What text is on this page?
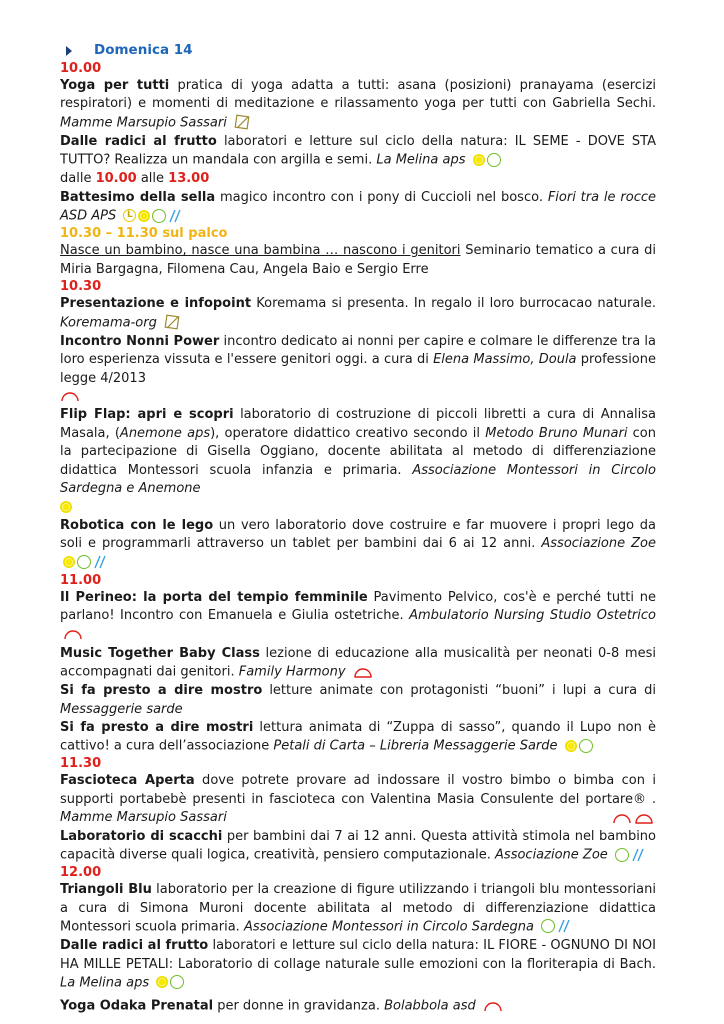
Domenica 14
10.00
Yoga per tutti pratica di yoga adatta a tutti: asana (posizioni) pranayama (esercizi respiratori) e momenti di meditazione e rilassamento yoga per tutti con Gabriella Sechi. Mamme Marsupio Sassari
Dalle radici al frutto laboratori e letture sul ciclo della natura: IL SEME - DOVE STA TUTTO? Realizza un mandala con argilla e semi. La Melina aps
dalle 10.00 alle 13.00
Battesimo della sella magico incontro con i pony di Cuccioli nel bosco. Fiori tra le rocce ASD APS L
10.30 – 11.30 sul palco
Nasce un bambino, nasce una bambina … nascono i genitori Seminario tematico a cura di Miria Bargagna, Filomena Cau, Angela Baio e Sergio Erre
10.30
Presentazione e infopoint Koremama si presenta. In regalo il loro burrocacao naturale. Koremama-org
Incontro Nonni Power incontro dedicato ai nonni per capire e colmare le differenze tra la loro esperienza vissuta e l'essere genitori oggi. a cura di Elena Massimo, Doula professione legge 4/2013
Flip Flap: apri e scopri laboratorio di costruzione di piccoli libretti a cura di Annalisa Masala, (Anemone aps), operatore didattico creativo secondo il Metodo Bruno Munari con la partecipazione di Gisella Oggiano, docente abilitata al metodo di differenziazione didattica Montessori scuola infanzia e primaria. Associazione Montessori in Circolo Sardegna e Anemone
Robotica con le lego un vero laboratorio dove costruire e far muovere i propri lego da soli e programmarli attraverso un tablet per bambini dai 6 ai 12 anni. Associazione Zoe
11.00
Il Perineo: la porta del tempio femminile Pavimento Pelvico, cos'è e perché tutti ne parlano! Incontro con Emanuela e Giulia ostetriche. Ambulatorio Nursing Studio Ostetrico
Music Together Baby Class lezione di educazione alla musicalità per neonati 0-8 mesi accompagnati dai genitori. Family Harmony
Si fa presto a dire mostro letture animate con protagonisti “buoni” i lupi a cura di Messaggerie sarde
Si fa presto a dire mostri lettura animata di “Zuppa di sasso”, quando il Lupo non è cattivo! a cura dell’associazione Petali di Carta – Libreria Messaggerie Sarde
11.30
Fascioteca Aperta dove potrete provare ad indossare il vostro bimbo o bimba con i supporti portabebè presenti in fascioteca con Valentina Masia Consulente del portare® . Mamme Marsupio Sassari
Laboratorio di scacchi per bambini dai 7 ai 12 anni. Questa attività stimola nel bambino capacità diverse quali logica, creatività, pensiero computazionale. Associazione Zoe
12.00
Triangoli Blu laboratorio per la creazione di figure utilizzando i triangoli blu montessoriani a cura di Simona Muroni docente abilitata al metodo di differenziazione didattica Montessori scuola primaria. Associazione Montessori in Circolo Sardegna
Dalle radici al frutto laboratori e letture sul ciclo della natura: IL FIORE - OGNUNO DI NOI HA MILLE PETALI: Laboratorio di collage naturale sulle emozioni con la floriterapia di Bach. La Melina aps
Yoga Odaka Prenatal per donne in gravidanza. Bolabbola asd
